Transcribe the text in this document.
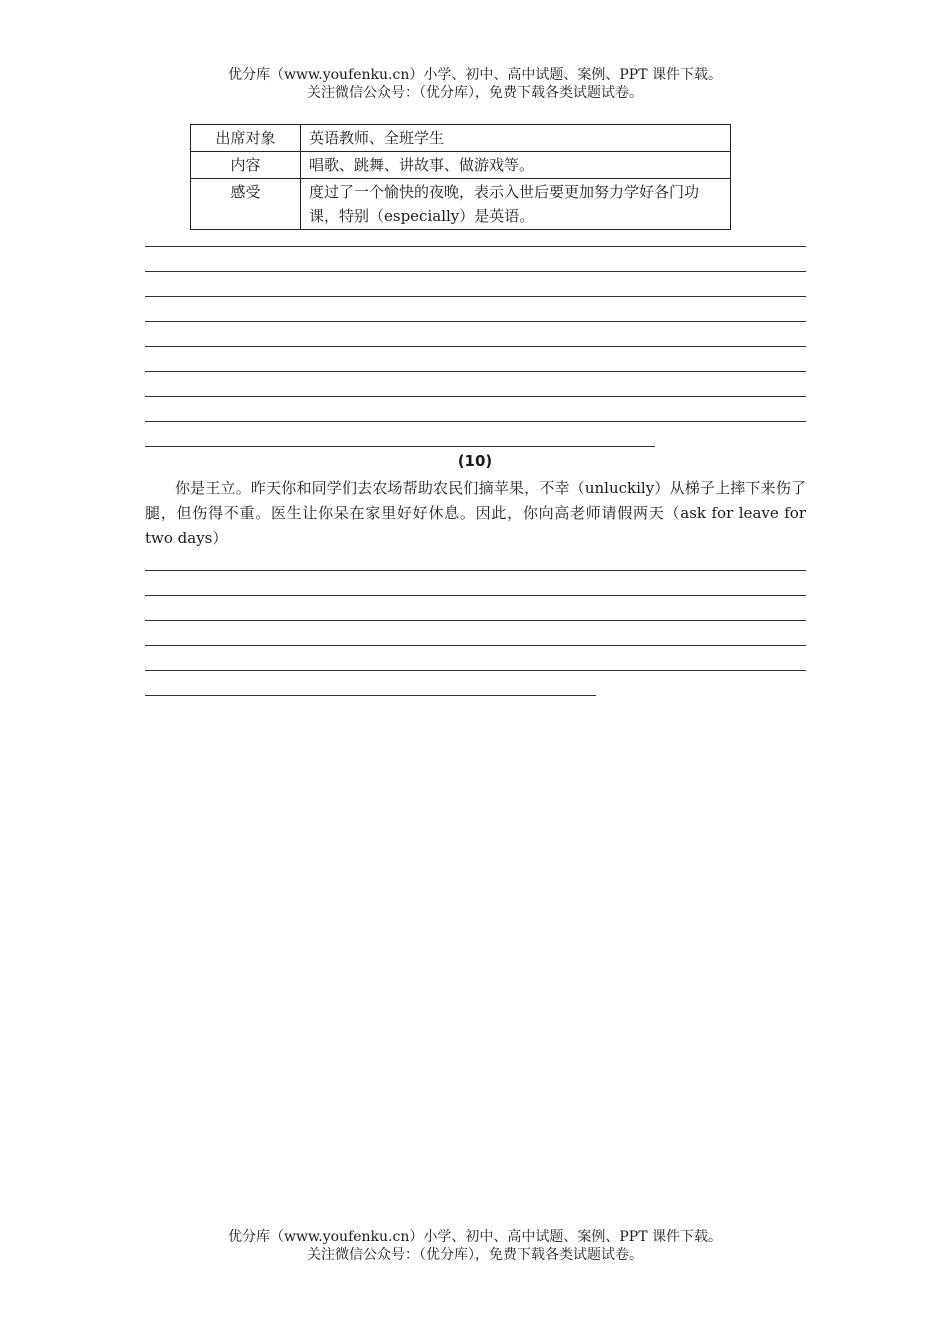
优分库（www.youfenku.cn）小学、初中、高中试题、案例、PPT 课件下载。
关注微信公众号：（优分库），免费下载各类试题试卷。
出席对象	英语教师、全班学生
内容	唱歌、跳舞、讲故事、做游戏等。
感受	度过了一个愉快的夜晚，表示入世后要更加努力学好各门功课，特别（especially）是英语。
(10)
你是王立。昨天你和同学们去农场帮助农民们摘苹果，不幸（unluckily）从梯子上摔下来伤了腿，但伤得不重。医生让你呆在家里好好休息。因此，你向高老师请假两天（ask for leave for two days）
优分库（www.youfenku.cn）小学、初中、高中试题、案例、PPT 课件下载。
关注微信公众号：（优分库），免费下载各类试题试卷。
